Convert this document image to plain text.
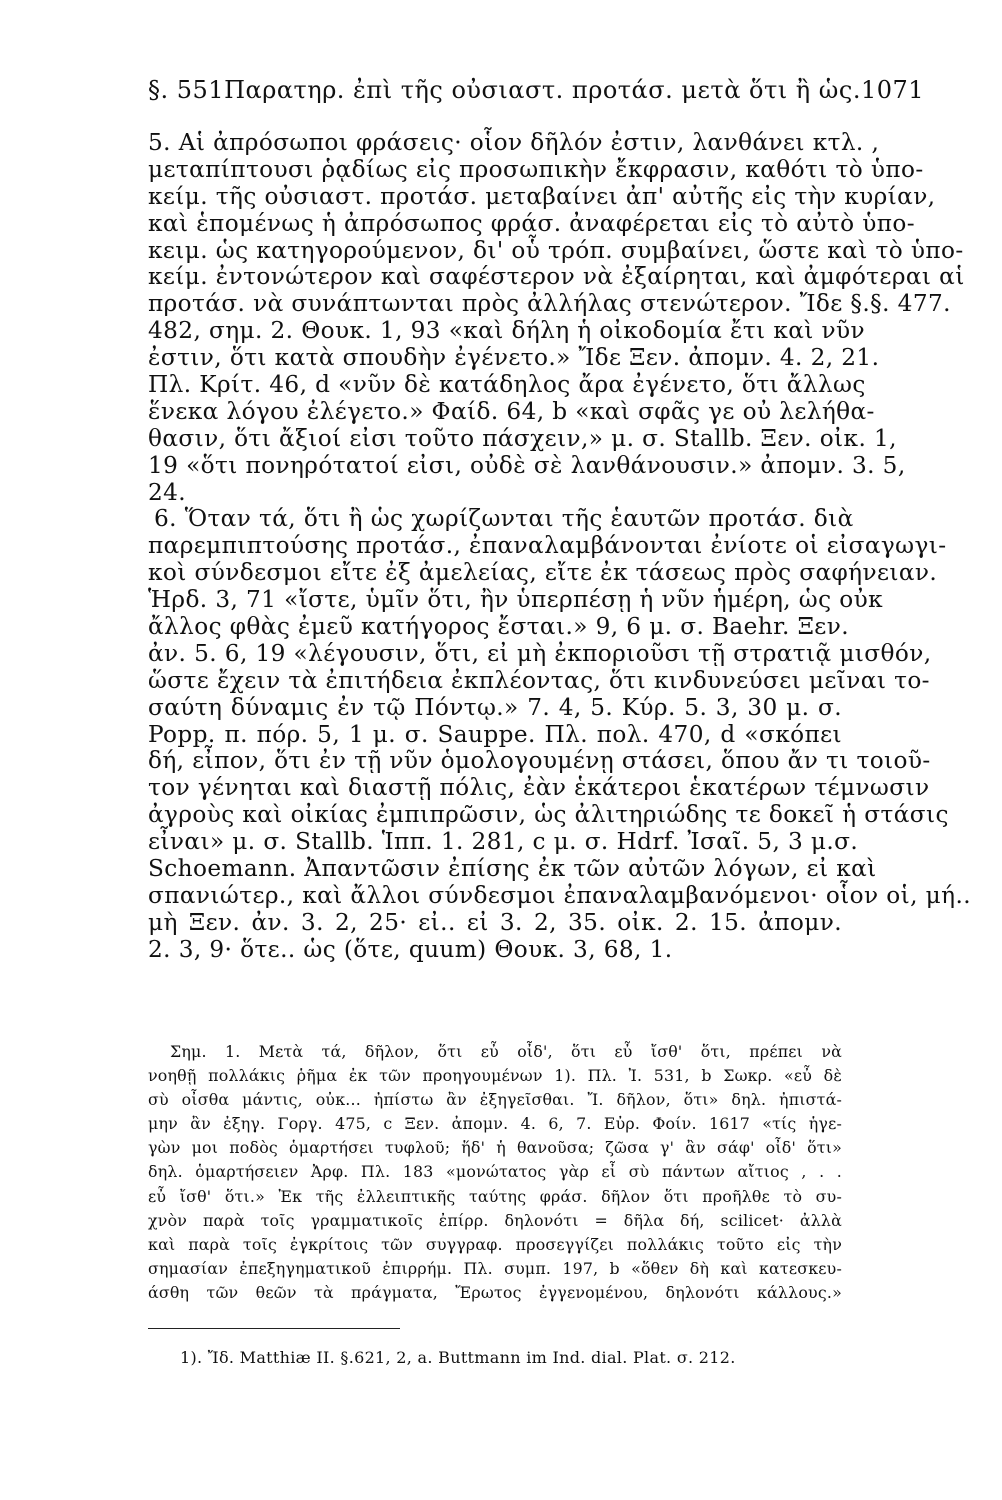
§. 551 Παρατηρ. ἐπὶ τῆς οὐσιαστ. προτάσ. μετὰ ὅτι ἢ ὡς. 1071
5. Αἱ ἀπρόσωποι φράσεις· οἷον δῆλόν ἐστιν, λανθάνει κτλ. ,
μεταπίπτουσι ῥᾳδίως εἰς προσωπικὴν ἔκφρασιν, καθότι τὸ ὑπο-
κείμ. τῆς οὐσιαστ. προτάσ. μεταβαίνει ἀπ' αὐτῆς εἰς τὴν κυρίαν,
καὶ ἑπομένως ἡ ἀπρόσωπος φράσ. ἀναφέρεται εἰς τὸ αὐτὸ ὑπο-
κειμ. ὡς κατηγορούμενον, δι' οὗ τρόπ. συμβαίνει, ὥστε καὶ τὸ ὑπο-
κείμ. ἐντονώτερον καὶ σαφέστερον νὰ ἐξαίρηται, καὶ ἀμφότεραι αἱ
προτάσ. νὰ συνάπτωνται πρὸς ἀλλήλας στενώτερον. Ἴδε §.§. 477.
482, σημ. 2. Θουκ. 1, 93 «καὶ δήλη ἡ οἰκοδομία ἔτι καὶ νῦν
ἐστιν, ὅτι κατὰ σπουδὴν ἐγένετο.» Ἴδε Ξεν. ἀπομν. 4. 2, 21.
Πλ. Κρίτ. 46, d «νῦν δὲ κατάδηλος ἄρα ἐγένετο, ὅτι ἄλλως
ἕνεκα λόγου ἐλέγετο.» Φαίδ. 64, b «καὶ σφᾶς γε οὐ λελήθα-
θασιν, ὅτι ἄξιοί εἰσι τοῦτο πάσχειν,» μ. σ. Stallb. Ξεν. οἰκ. 1,
19 «ὅτι πονηρότατοί εἰσι, οὐδὲ σὲ λανθάνουσιν.» ἀπομν. 3. 5,
24.
6. Ὅταν τά, ὅτι ἢ ὡς χωρίζωνται τῆς ἑαυτῶν προτάσ. διὰ
παρεμπιπτούσης προτάσ., ἐπαναλαμβάνονται ἐνίοτε οἱ εἰσαγωγι-
κοὶ σύνδεσμοι εἴτε ἐξ ἀμελείας, εἴτε ἐκ τάσεως πρὸς σαφήνειαν.
Ἡρδ. 3, 71 «ἴστε, ὑμῖν ὅτι, ἢν ὑπερπέσῃ ἡ νῦν ἡμέρη, ὡς οὐκ
ἄλλος φθὰς ἐμεῦ κατήγορος ἔσται.» 9, 6 μ. σ. Baehr. Ξεν.
ἀν. 5. 6, 19 «λέγουσιν, ὅτι, εἰ μὴ ἐκποριοῦσι τῇ στρατιᾷ μισθόν,
ὥστε ἔχειν τὰ ἐπιτήδεια ἐκπλέοντας, ὅτι κινδυνεύσει μεῖναι το-
σαύτη δύναμις ἐν τῷ Πόντῳ.» 7. 4, 5. Κύρ. 5. 3, 30 μ. σ.
Popp. π. πόρ. 5, 1 μ. σ. Sauppe. Πλ. πολ. 470, d «σκόπει
δή, εἶπον, ὅτι ἐν τῇ νῦν ὁμολογουμένῃ στάσει, ὅπου ἄν τι τοιοῦ-
τον γένηται καὶ διαστῇ πόλις, ἐὰν ἑκάτεροι ἑκατέρων τέμνωσιν
ἀγροὺς καὶ οἰκίας ἐμπιπρῶσιν, ὡς ἀλιτηριώδης τε δοκεῖ ἡ στάσις
εἶναι» μ. σ. Stallb. Ἱππ. 1. 281, c μ. σ. Hdrf. Ἰσαῖ. 5, 3 μ.σ.
Schoemann. Ἀπαντῶσιν ἐπίσης ἐκ τῶν αὐτῶν λόγων, εἰ καὶ
σπανιώτερ., καὶ ἄλλοι σύνδεσμοι ἐπαναλαμβανόμενοι· οἷον οἱ, μή..
μὴ Ξεν. ἀν. 3. 2, 25· εἰ.. εἰ 3. 2, 35. οἰκ. 2. 15. ἀπομν.
2. 3, 9· ὅτε.. ὡς (ὅτε, quum) Θουκ. 3, 68, 1.
Σημ. 1. Μετὰ τά, δῆλον, ὅτι εὖ οἶδ', ὅτι εὖ ἴσθ' ὅτι, πρέπει νὰ
νοηθῇ πολλάκις ῥῆμα ἐκ τῶν προηγουμένων 1). Πλ. Ἰ. 531, b Σωκρ. «εὖ δὲ
σὺ οἶσθα μάντις, οὐκ... ἠπίστω ἂν ἐξηγεῖσθαι. Ἴ. δῆλον, ὅτι» δηλ. ἠπιστά-
μην ἂν ἐξηγ. Γοργ. 475, c Ξεν. ἀπομν. 4. 6, 7. Εὐρ. Φοίν. 1617 «τίς ἡγε-
γὼν μοι ποδὸς ὁμαρτήσει τυφλοῦ; ἥδ' ἡ θανοῦσα; ζῶσα γ' ἂν σάφ' οἶδ' ὅτι»
δηλ. ὁμαρτήσειεν Ἀρφ. Πλ. 183 «μονώτατος γὰρ εἶ σὺ πάντων αἴτιος , . .
εὖ ἴσθ' ὅτι.» Ἐκ τῆς ἐλλειπτικῆς ταύτης φράσ. δῆλον ὅτι προῆλθε τὸ συ-
χνὸν παρὰ τοῖς γραμματικοῖς ἐπίρρ. δηλονότι = δῆλα δή, scilicet· ἀλλὰ
καὶ παρὰ τοῖς ἐγκρίτοις τῶν συγγραφ. προσεγγίζει πολλάκις τοῦτο εἰς τὴν
σημασίαν ἐπεξηγηματικοῦ ἐπιρρήμ. Πλ. συμπ. 197, b «ὅθεν δὴ καὶ κατεσκευ-
άσθη τῶν θεῶν τὰ πράγματα, Ἔρωτος ἐγγενομένου, δηλονότι κάλλους.»
1). Ἴδ. Matthiæ II. §.621, 2, a. Buttmann im Ind. dial. Plat. σ. 212.
